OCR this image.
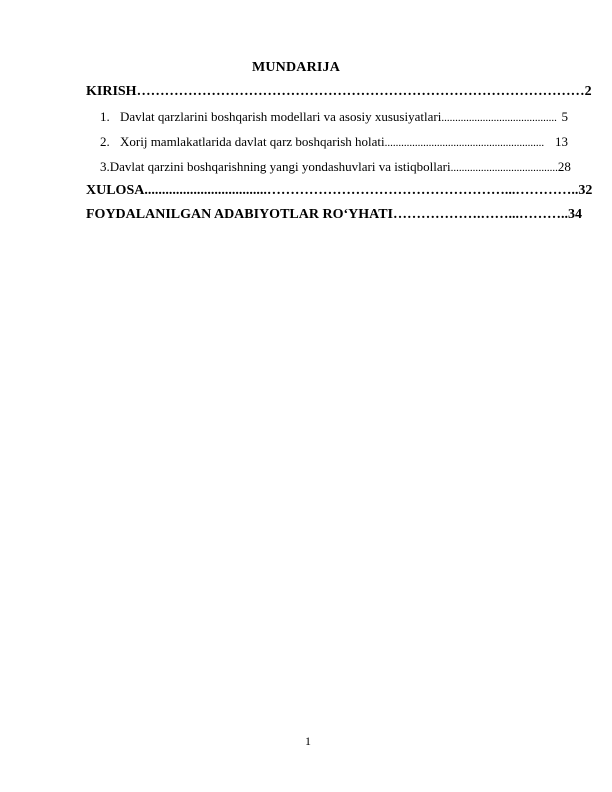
MUNDARIJA
KIRISH …………………………………………………………………………………… 2
1. Davlat qarzlarini boshqarish modellari va asosiy xususiyatlari .......................................... 5
2. Xorij mamlakatlarida davlat qarz boshqarish holati .......................................................... 13
3. Davlat qarzini boshqarishning yangi yondashuvlari va istiqbollari ....................................... 28
XULOSA ...................................……………………………………………...………….. 32
FOYDALANILGAN ADABIYOTLAR RO‘YHATI ……………….……...……….. 34
1
